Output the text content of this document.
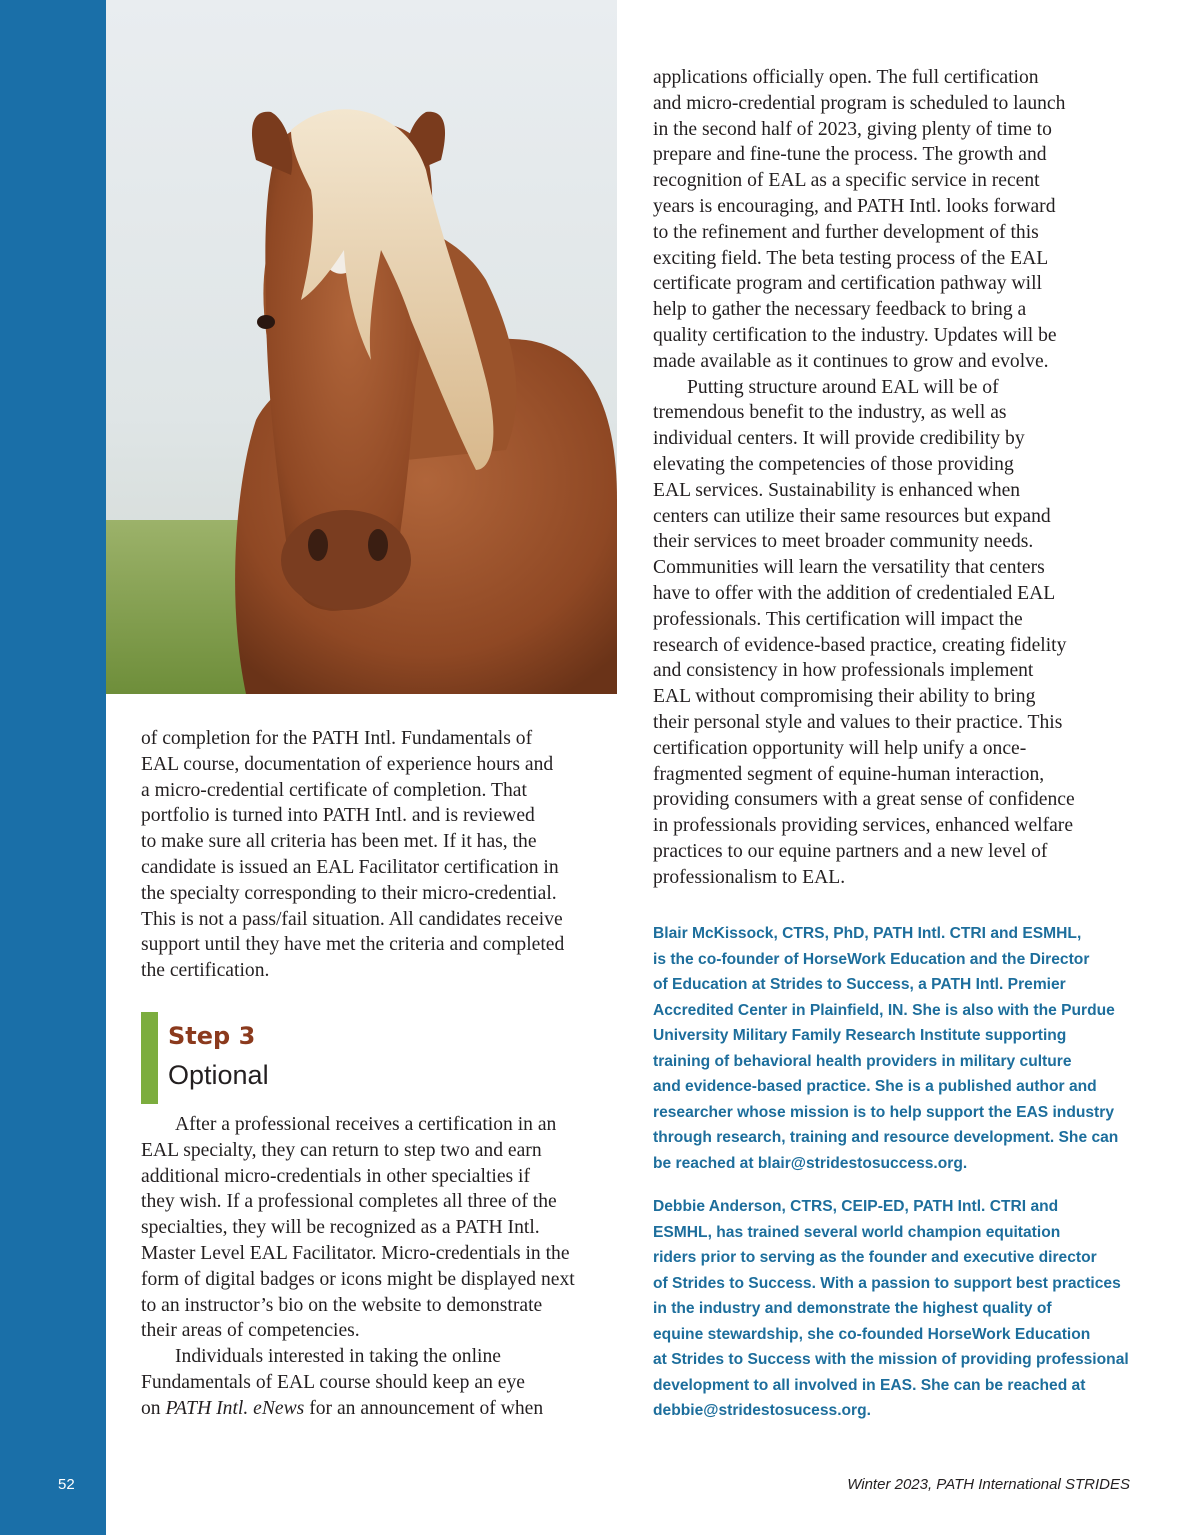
52

of completion for the PATH Intl. Fundamentals of
EAL course, documentation of experience hours and
a micro-credential certificate of completion. That
portfolio is turned into PATH Intl. and is reviewed
to make sure all criteria has been met. If it has, the
candidate is issued an EAL Facilitator certification in
the specialty corresponding to their micro-credential.
This is not a pass/fail situation. All candidates receive
support until they have met the criteria and completed
the certification.

Step 3

Optional

After a professional receives a certification in an
EAL specialty, they can return to step two and earn
additional micro-credentials in other specialties if
they wish. If a professional completes all three of the
specialties, they will be recognized as a PATH Intl.
Master Level EAL Facilitator. Micro-credentials in the
form of digital badges or icons might be displayed next
to an instructor’s bio on the website to demonstrate
their areas of competencies.

Individuals interested in taking the online
Fundamentals of EAL course should keep an eye
on PATH Intl. eNews for an announcement of when

applications officially open. The full certification
and micro-credential program is scheduled to launch
in the second half of 2023, giving plenty of time to
prepare and fine-tune the process. The growth and
recognition of EAL as a specific service in recent
years is encouraging, and PATH Intl. looks forward
to the refinement and further development of this
exciting field. The beta testing process of the EAL
certificate program and certification pathway will
help to gather the necessary feedback to bring a
quality certification to the industry. Updates will be
made available as it continues to grow and evolve.

Putting structure around EAL will be of
tremendous benefit to the industry, as well as
individual centers. It will provide credibility by
elevating the competencies of those providing
EAL services. Sustainability is enhanced when
centers can utilize their same resources but expand
their services to meet broader community needs.
Communities will learn the versatility that centers
have to offer with the addition of credentialed EAL
professionals. This certification will impact the
research of evidence-based practice, creating fidelity
and consistency in how professionals implement
EAL without compromising their ability to bring
their personal style and values to their practice. This
certification opportunity will help unify a once-
fragmented segment of equine-human interaction,
providing consumers with a great sense of confidence
in professionals providing services, enhanced welfare
practices to our equine partners and a new level of
professionalism to EAL.

Blair McKissock, CTRS, PhD, PATH Intl. CTRI and ESMHL,
is the co-founder of HorseWork Education and the Director
of Education at Strides to Success, a PATH Intl. Premier
Accredited Center in Plainfield, IN. She is also with the Purdue
University Military Family Research Institute supporting
training of behavioral health providers in military culture
and evidence-based practice. She is a published author and
researcher whose mission is to help support the EAS industry
through research, training and resource development. She can
be reached at blair@stridestosuccess.org.

Debbie Anderson, CTRS, CEIP-ED, PATH Intl. CTRI and
ESMHL, has trained several world champion equitation
riders prior to serving as the founder and executive director
of Strides to Success. With a passion to support best practices
in the industry and demonstrate the highest quality of
equine stewardship, she co-founded HorseWork Education
at Strides to Success with the mission of providing professional
development to all involved in EAS. She can be reached at
debbie@stridestosucess.org.

Winter 2023, PATH International STRIDES
